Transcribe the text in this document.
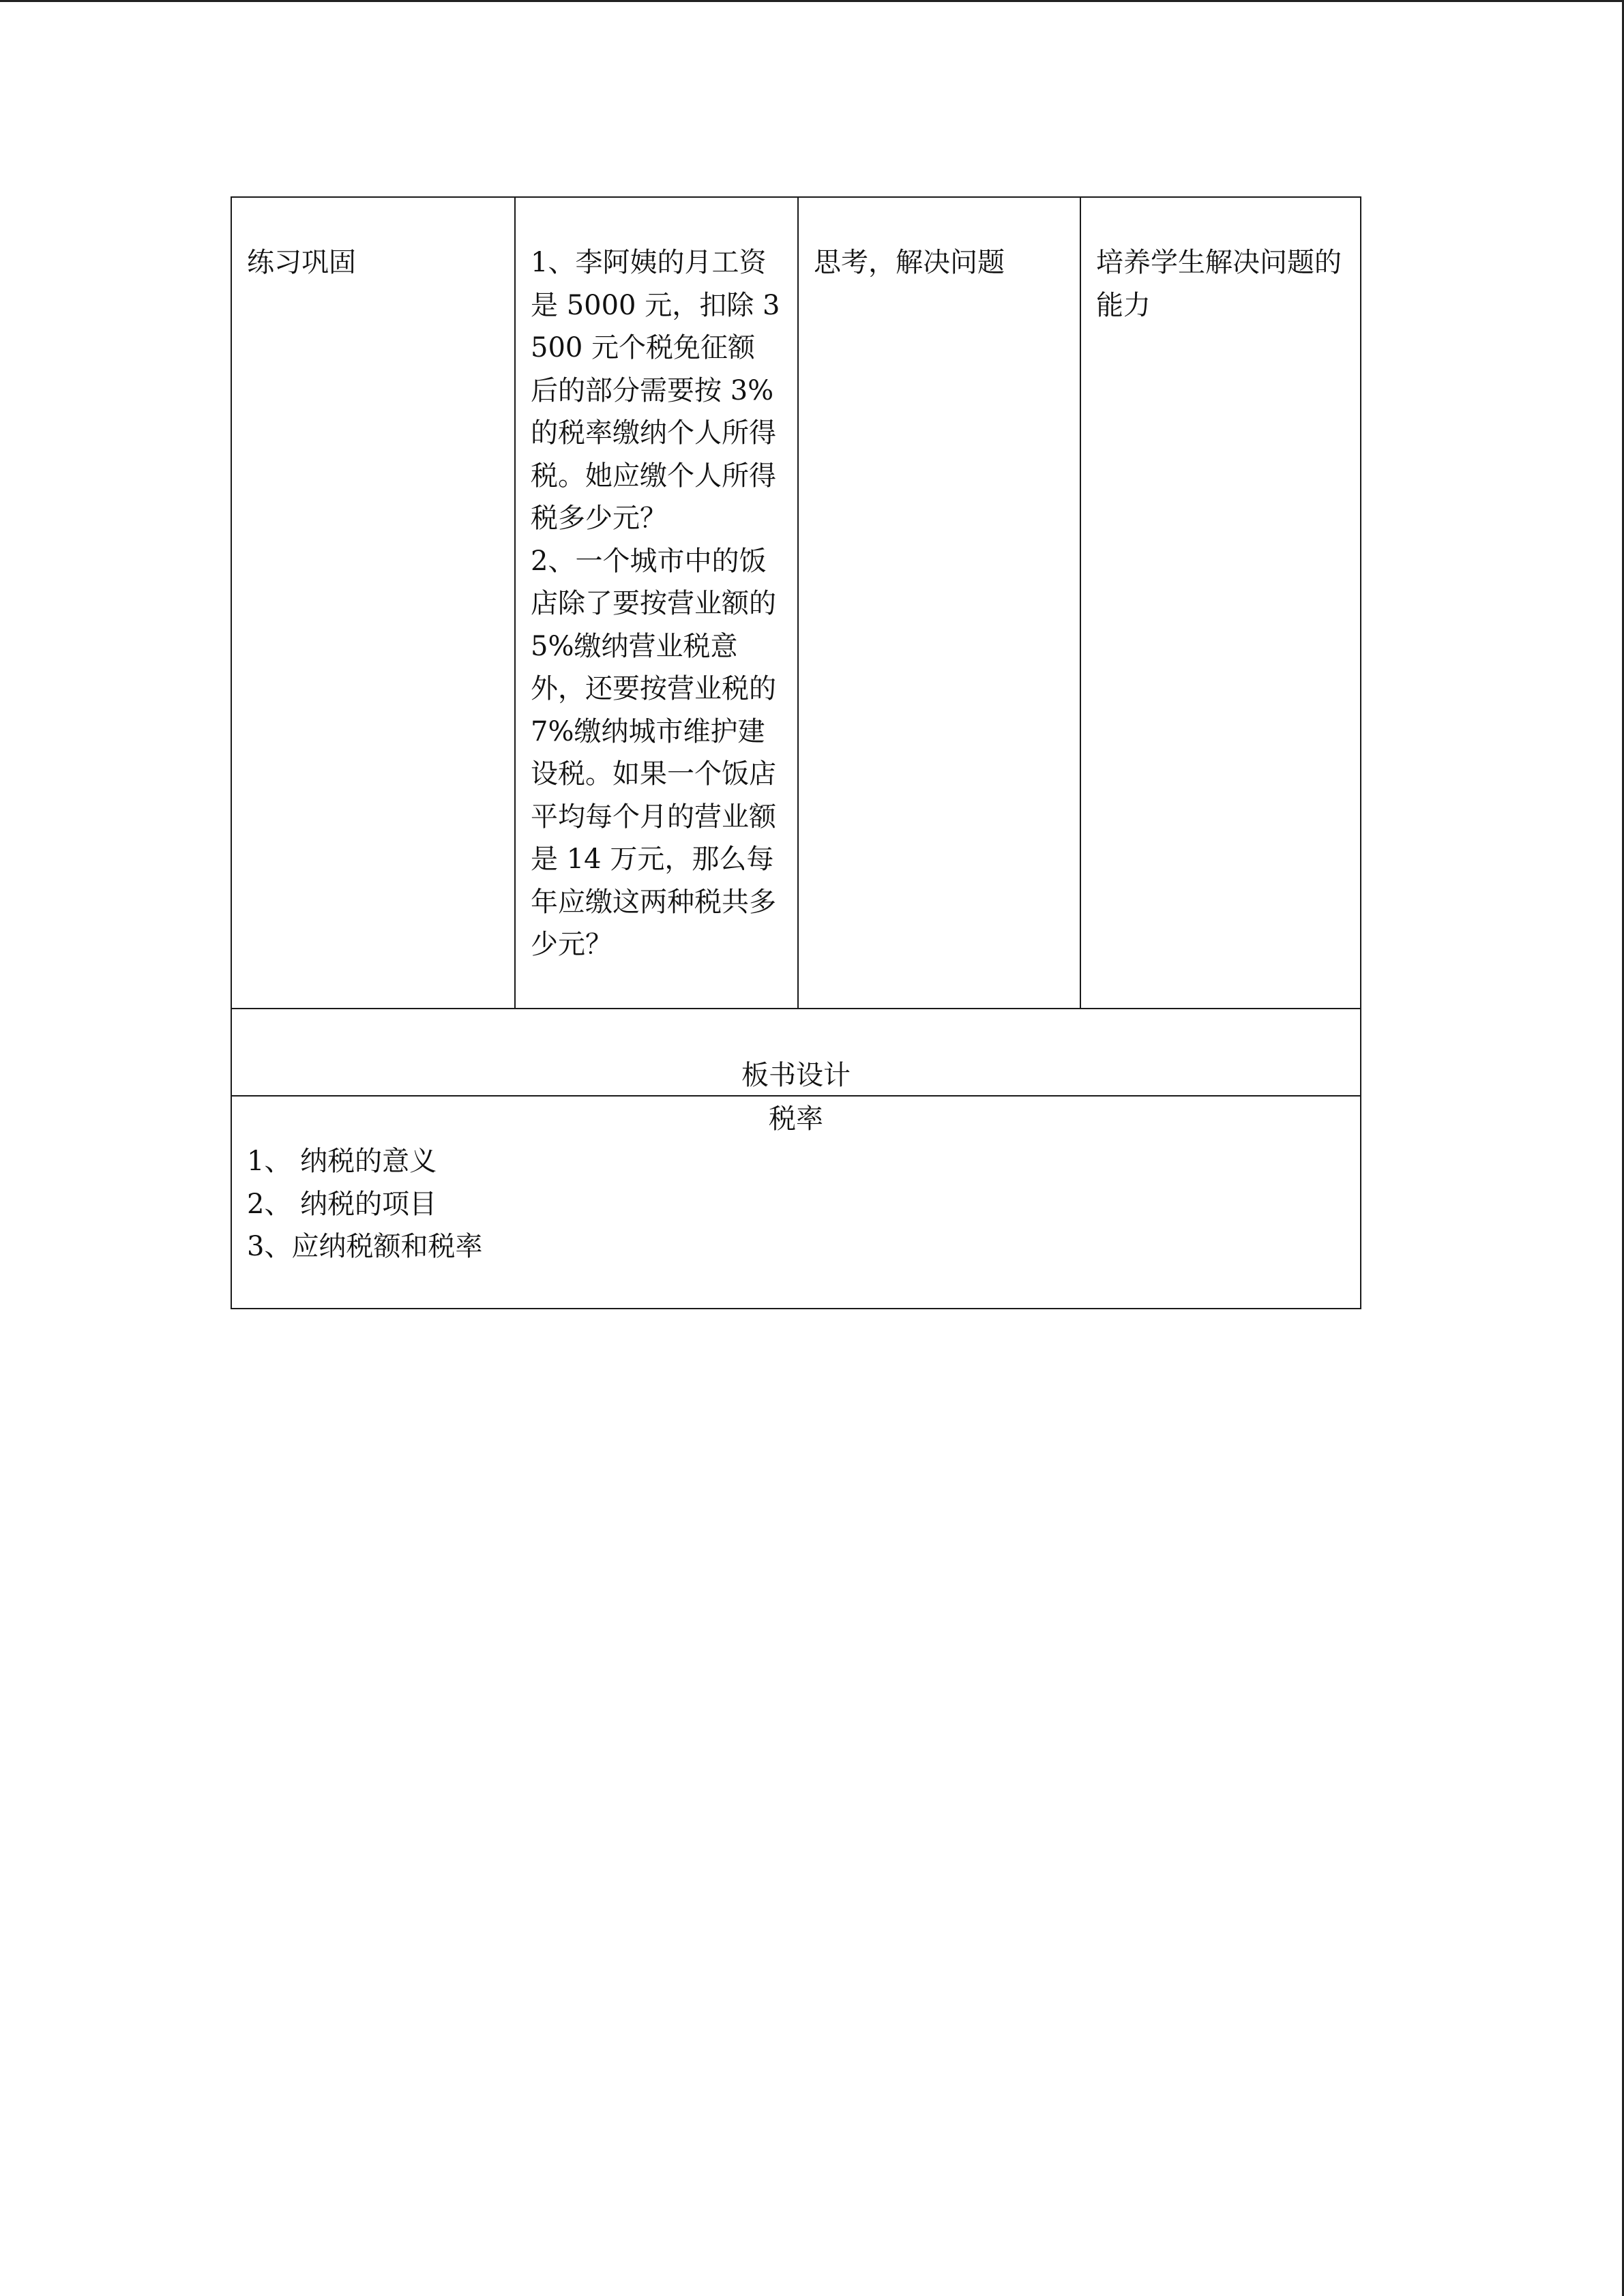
练习巩固	1、李阿姨的月工资是 5000 元，扣除 3500 元个税免征额后的部分需要按 3%的税率缴纳个人所得税。她应缴个人所得税多少元？
2、一个城市中的饭店除了要按营业额的 5%缴纳营业税意外，还要按营业税的 7%缴纳城市维护建设税。如果一个饭店平均每个月的营业额是 14 万元，那么每年应缴这两种税共多少元？
思考，解决问题	培养学生解决问题的能力
板书设计
税率
1、 纳税的意义
2、 纳税的项目
3、应纳税额和税率
